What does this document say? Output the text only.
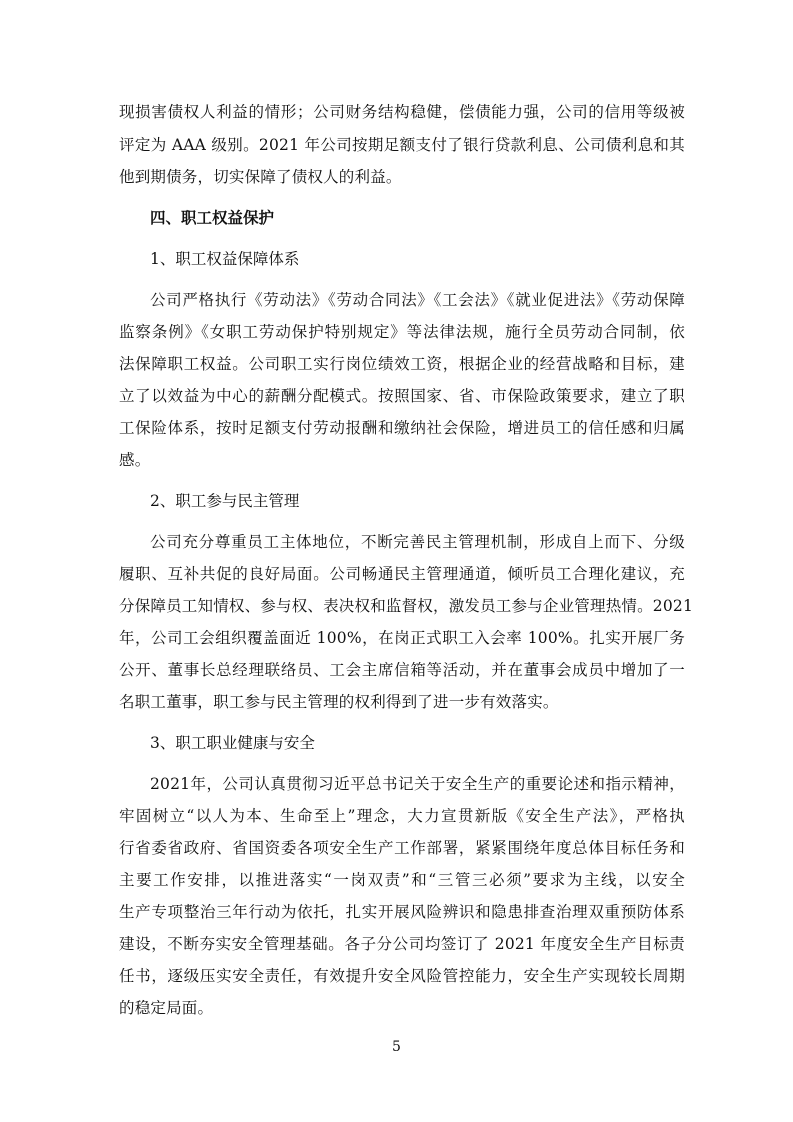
现损害债权人利益的情形；公司财务结构稳健，偿债能力强，公司的信用等级被
评定为 AAA 级别。2021 年公司按期足额支付了银行贷款利息、公司债利息和其
他到期债务，切实保障了债权人的利益。
四、职工权益保护
1、职工权益保障体系
公司严格执行《劳动法》《劳动合同法》《工会法》《就业促进法》《劳动保障
监察条例》《女职工劳动保护特别规定》等法律法规，施行全员劳动合同制，依
法保障职工权益。公司职工实行岗位绩效工资，根据企业的经营战略和目标，建
立了以效益为中心的薪酬分配模式。按照国家、省、市保险政策要求，建立了职
工保险体系，按时足额支付劳动报酬和缴纳社会保险，增进员工的信任感和归属
感。
2、职工参与民主管理
公司充分尊重员工主体地位，不断完善民主管理机制，形成自上而下、分级
履职、互补共促的良好局面。公司畅通民主管理通道，倾听员工合理化建议，充
分保障员工知情权、参与权、表决权和监督权，激发员工参与企业管理热情。2021
年，公司工会组织覆盖面近 100%，在岗正式职工入会率 100%。扎实开展厂务
公开、董事长总经理联络员、工会主席信箱等活动，并在董事会成员中增加了一
名职工董事，职工参与民主管理的权利得到了进一步有效落实。
3、职工职业健康与安全
2021年，公司认真贯彻习近平总书记关于安全生产的重要论述和指示精神，
牢固树立“以人为本、生命至上”理念，大力宣贯新版《安全生产法》，严格执
行省委省政府、省国资委各项安全生产工作部署，紧紧围绕年度总体目标任务和
主要工作安排，以推进落实“一岗双责”和“三管三必须”要求为主线，以安全
生产专项整治三年行动为依托，扎实开展风险辨识和隐患排查治理双重预防体系
建设，不断夯实安全管理基础。各子分公司均签订了 2021 年度安全生产目标责
任书，逐级压实安全责任，有效提升安全风险管控能力，安全生产实现较长周期
的稳定局面。
5
